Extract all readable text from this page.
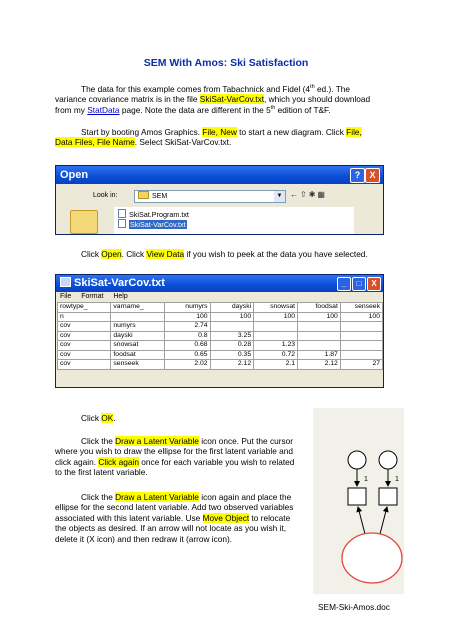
SEM With Amos: Ski Satisfaction

The data for this example comes from Tabachnick and Fidel (4th ed.). The variance covariance matrix is in the file SkiSat-VarCov.txt, which you should download from my StatData page. Note the data are different in the 5th edition of T&F.

Start by booting Amos Graphics. File, New to start a new diagram. Click File, Data Files, File Name. Select SkiSat-VarCov.txt.

Open	?	X
Look in:	SEM	▼ ←⇧✱▦
SkiSat.Program.txt
SkiSat-VarCov.txt

Click Open. Click View Data if you wish to peek at the data you have selected.

SkiSat-VarCov.txt	_	□	X
File Format Help
rowtype_	varname_	numyrs	dayski	snowsat	foodsat	senseek
n		100	100	100	100	100
cov	numyrs	2.74				
cov	dayski	0.8	3.25			
cov	snowsat	0.68	0.28	1.23		
cov	foodsat	0.65	0.35	0.72	1.87	
cov	senseek	2.02	2.12	2.1	2.12	27

Click OK.

Click the Draw a Latent Variable icon once. Put the cursor where you wish to draw the ellipse for the first latent variable and click again. Click again once for each variable you wish to related to the first latent variable.

Click the Draw a Latent Variable icon again and place the ellipse for the second latent variable. Add two observed variables associated with this latent variable. Use Move Object to relocate the objects as desired. If an arrow will not locate as you wish it, delete it (X icon) and then redraw it (arrow icon).

1	1
SEM-Ski-Amos.doc
